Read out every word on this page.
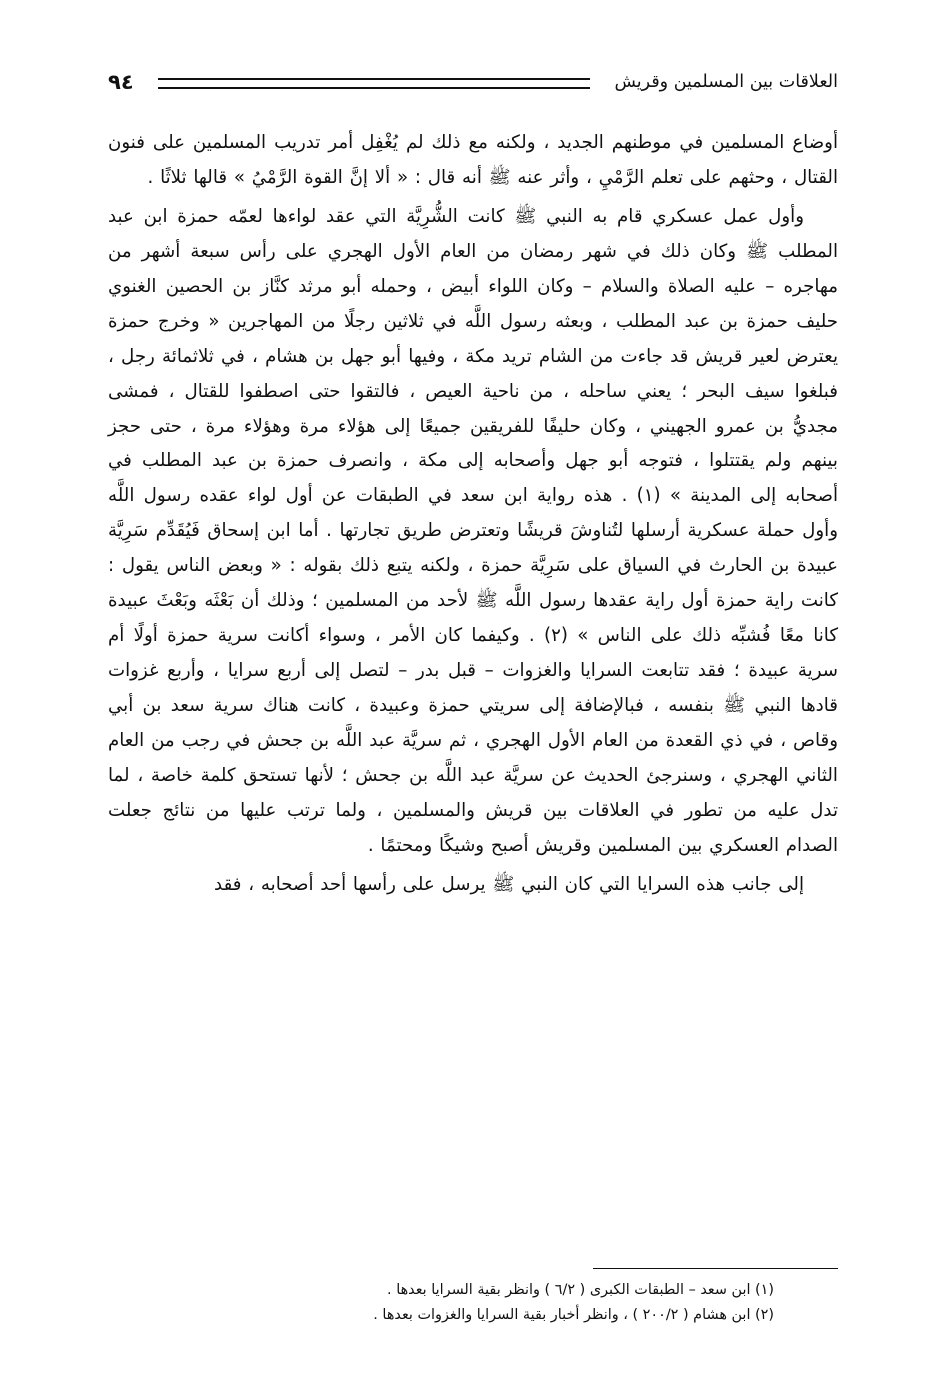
العلاقات بين المسلمين وقريش
٩٤

أوضاع المسلمين في موطنهم الجديد ، ولكنه مع ذلك لم يُغْفِل أمر تدريب المسلمين على فنون القتال ، وحثهم على تعلم الرَّمْيِ ، وأثر عنه ﷺ أنه قال : « ألا إنَّ القوة الرَّمْيُ » قالها ثلاثًا .

وأول عمل عسكري قام به النبي ﷺ كانت الشُّرِيَّة التي عقد لواءها لعمّه حمزة ابن عبد المطلب ﷺ وكان ذلك في شهر رمضان من العام الأول الهجري على رأس سبعة أشهر من مهاجره – عليه الصلاة والسلام – وكان اللواء أبيض ، وحمله أبو مرثد كنَّاز بن الحصين الغنوي حليف حمزة بن عبد المطلب ، وبعثه رسول اللَّه في ثلاثين رجلًا من المهاجرين « وخرج حمزة يعترض لعير قريش قد جاءت من الشام تريد مكة ، وفيها أبو جهل بن هشام ، في ثلاثمائة رجل ، فبلغوا سيف البحر ؛ يعني ساحله ، من ناحية العيص ، فالتقوا حتى اصطفوا للقتال ، فمشى مجديُّ بن عمرو الجهيني ، وكان حليفًا للفريقين جميعًا إلى هؤلاء مرة وهؤلاء مرة ، حتى حجز بينهم ولم يقتتلوا ، فتوجه أبو جهل وأصحابه إلى مكة ، وانصرف حمزة بن عبد المطلب في أصحابه إلى المدينة » (١) . هذه رواية ابن سعد في الطبقات عن أول لواء عقده رسول اللَّه وأول حملة عسكرية أرسلها لتُناوشَ قريشًا وتعترض طريق تجارتها . أما ابن إسحاق فَيُقَدِّم سَرِيَّة عبيدة بن الحارث في السياق على سَرِيَّة حمزة ، ولكنه يتبع ذلك بقوله : « وبعض الناس يقول : كانت راية حمزة أول راية عقدها رسول اللَّه ﷺ لأحد من المسلمين ؛ وذلك أن بَعْثَه وبَعْثَ عبيدة كانا معًا فُشبِّه ذلك على الناس » (٢) . وكيفما كان الأمر ، وسواء أكانت سرية حمزة أولًا أم سرية عبيدة ؛ فقد تتابعت السرايا والغزوات – قبل بدر – لتصل إلى أربع سرايا ، وأربع غزوات قادها النبي ﷺ بنفسه ، فبالإضافة إلى سريتي حمزة وعبيدة ، كانت هناك سرية سعد بن أبي وقاص ، في ذي القعدة من العام الأول الهجري ، ثم سريَّة عبد اللَّه بن جحش في رجب من العام الثاني الهجري ، وسنرجئ الحديث عن سريَّة عبد اللَّه بن جحش ؛ لأنها تستحق كلمة خاصة ، لما تدل عليه من تطور في العلاقات بين قريش والمسلمين ، ولما ترتب عليها من نتائج جعلت الصدام العسكري بين المسلمين وقريش أصبح وشيكًا ومحتمًا .

إلى جانب هذه السرايا التي كان النبي ﷺ يرسل على رأسها أحد أصحابه ، فقد

(١) ابن سعد – الطبقات الكبرى ( ٦/٢ ) وانظر بقية السرايا بعدها .

(٢) ابن هشام ( ٢٠٠/٢ ) ، وانظر أخبار بقية السرايا والغزوات بعدها .
